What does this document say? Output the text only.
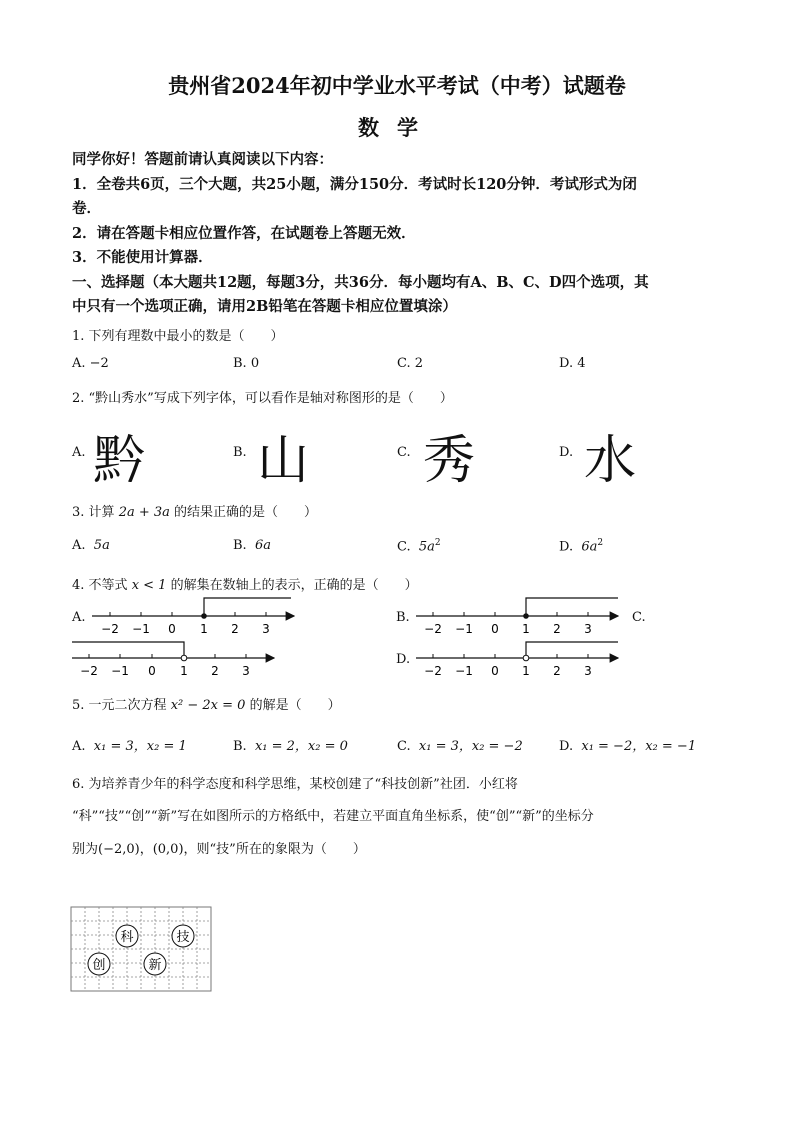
贵州省2024年初中学业水平考试（中考）试题卷
数学
同学你好！答题前请认真阅读以下内容：
1．全卷共6页，三个大题，共25小题，满分150分．考试时长120分钟．考试形式为闭
卷．
2．请在答题卡相应位置作答，在试题卷上答题无效．
3．不能使用计算器．
一、选择题（本大题共12题，每题3分，共36分．每小题均有A、B、C、D四个选项，其
中只有一个选项正确，请用2B铅笔在答题卡相应位置填涂）
1. 下列有理数中最小的数是（　　）
A. −2	B. 0	C. 2	D. 4
2. “黔山秀水”写成下列字体，可以看作是轴对称图形的是（　　）
A. 黔	B. 山	C. 秀	D. 水
3. 计算 2a + 3a 的结果正确的是（　　）
A. 5a	B. 6a	C. $5a^2$	D. $6a^2$
4. 不等式 x < 1 的解集在数轴上的表示，正确的是（　　）
A.	B.	C.
D.
−2 −1 0 1 2 3	−2 −1 0 1 2 3
−2 −1 0 1 2 3	−2 −1 0 1 2 3
5. 一元二次方程 x² − 2x = 0 的解是（　　）
A. x₁ = 3，x₂ = 1	B. x₁ = 2，x₂ = 0	C. x₁ = 3，x₂ = −2	D. x₁ = −2，x₂ = −1
6. 为培养青少年的科学态度和科学思维，某校创建了“科技创新”社团．小红将
“科”“技”“创”“新”写在如图所示的方格纸中，若建立平面直角坐标系，使“创”“新”的坐标分
别为(−2,0)，(0,0)，则“技”所在的象限为（　　）
科	技
创	新
